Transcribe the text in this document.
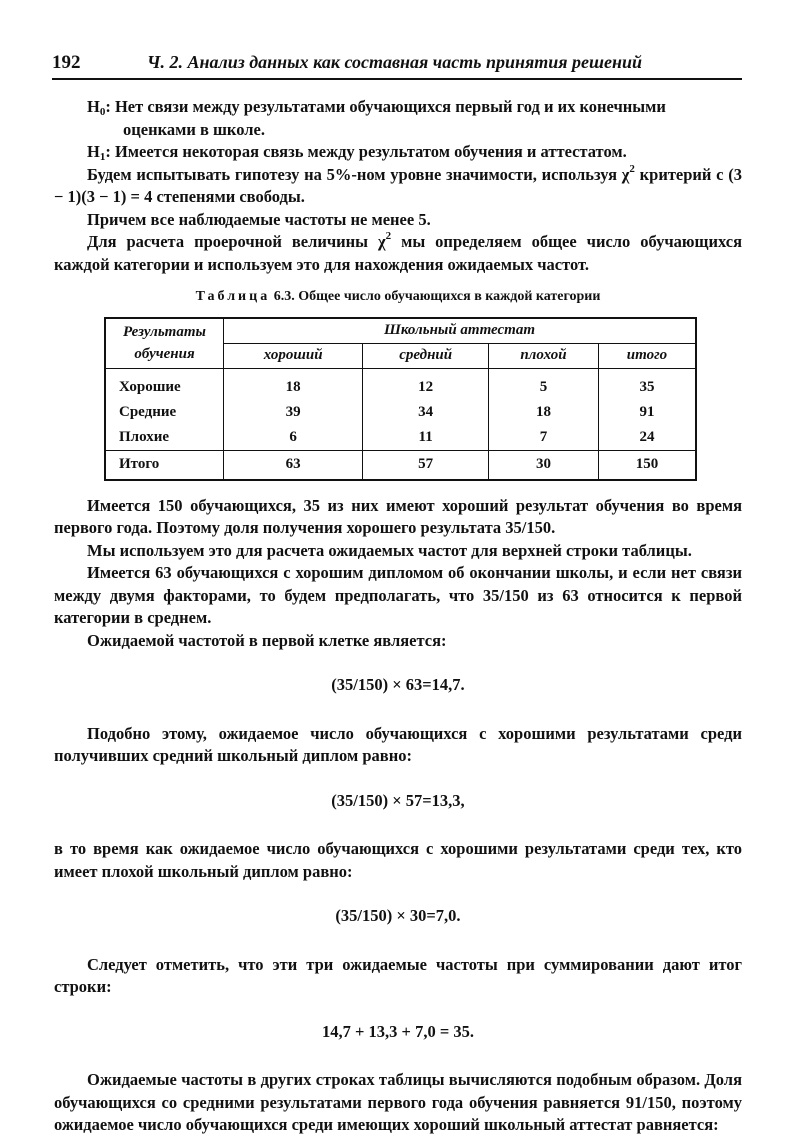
192	Ч. 2. Анализ данных как составная часть принятия решений

$H_0$: Нет связи между результатами обучающихся первый год и их конечными
оценками в школе.

$H_1$: Имеется некоторая связь между результатом обучения и аттестатом.

Будем испытывать гипотезу на 5%-ном уровне значимости, используя $\chi^2$ критерий с (3 − 1)(3 − 1) = 4 степенями свободы.

Причем все наблюдаемые частоты не менее 5.

Для расчета проерочной величины $\chi^2$ мы определяем общее число обучающихся каждой категории и используем это для нахождения ожидаемых частот.

Таблица 6.3. Общее число обучающихся в каждой категории
Результаты обучения	Школьный аттестат			
	хороший	средний	плохой	итого

Хорошие	18	12	5	35
Средние	39	34	18	91
Плохие	6	11	7	24
Итого	63	57	30	150

Имеется 150 обучающихся, 35 из них имеют хороший результат обучения во время первого года. Поэтому доля получения хорошего результата 35/150.

Мы используем это для расчета ожидаемых частот для верхней строки таблицы.

Имеется 63 обучающихся с хорошим дипломом об окончании школы, и если нет связи между двумя факторами, то будем предполагать, что 35/150 из 63 относится к первой категории в среднем.

Ожидаемой частотой в первой клетке является:

(35/150) × 63=14,7.

Подобно этому, ожидаемое число обучающихся с хорошими результатами среди получивших средний школьный диплом равно:

(35/150) × 57=13,3,

в то время как ожидаемое число обучающихся с хорошими результатами среди тех, кто имеет плохой школьный диплом равно:

(35/150) × 30=7,0.

Следует отметить, что эти три ожидаемые частоты при суммировании дают итог строки:

14,7 + 13,3 + 7,0 = 35.

Ожидаемые частоты в других строках таблицы вычисляются подобным образом. Доля обучающихся со средними результатами первого года обучения равняется 91/150, поэтому ожидаемое число обучающихся среди имеющих хороший школьный аттестат равняется:
